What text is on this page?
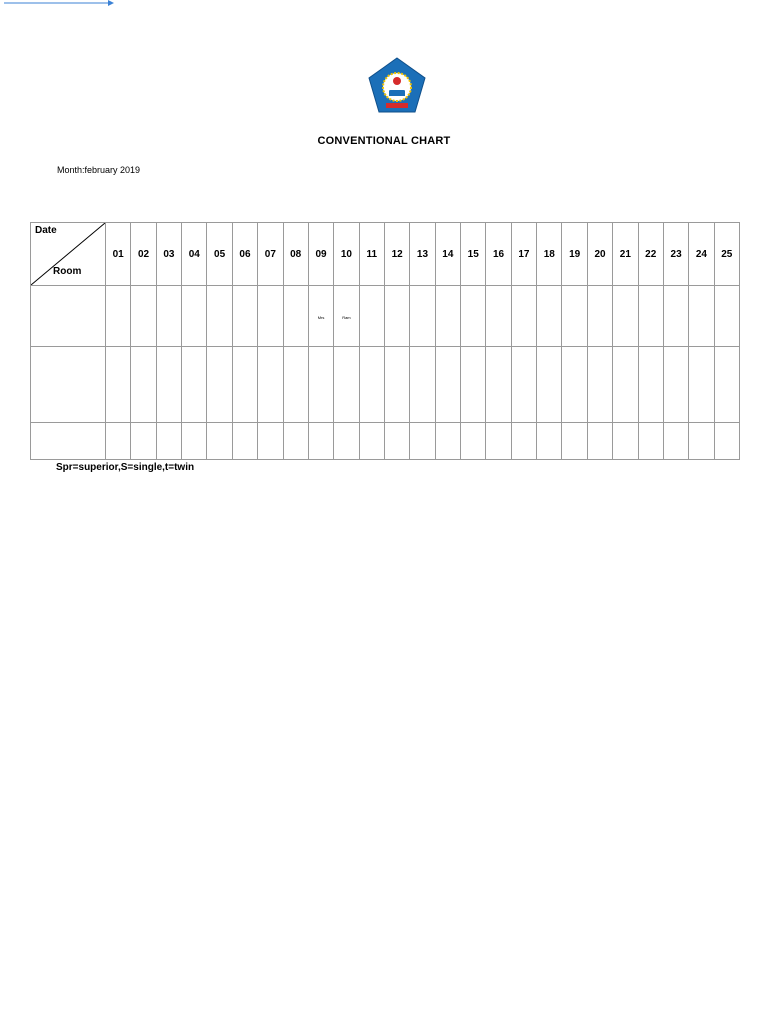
CONVENTIONAL CHART
Month:february 2019
Date
Room	01	02	03	04	05	06	07	08	09	10	11	12	13	14	15	16	17	18	19	20	21	22	23	24	25
									Mrs	Ram															

Spr=superior,S=single,t=twin
